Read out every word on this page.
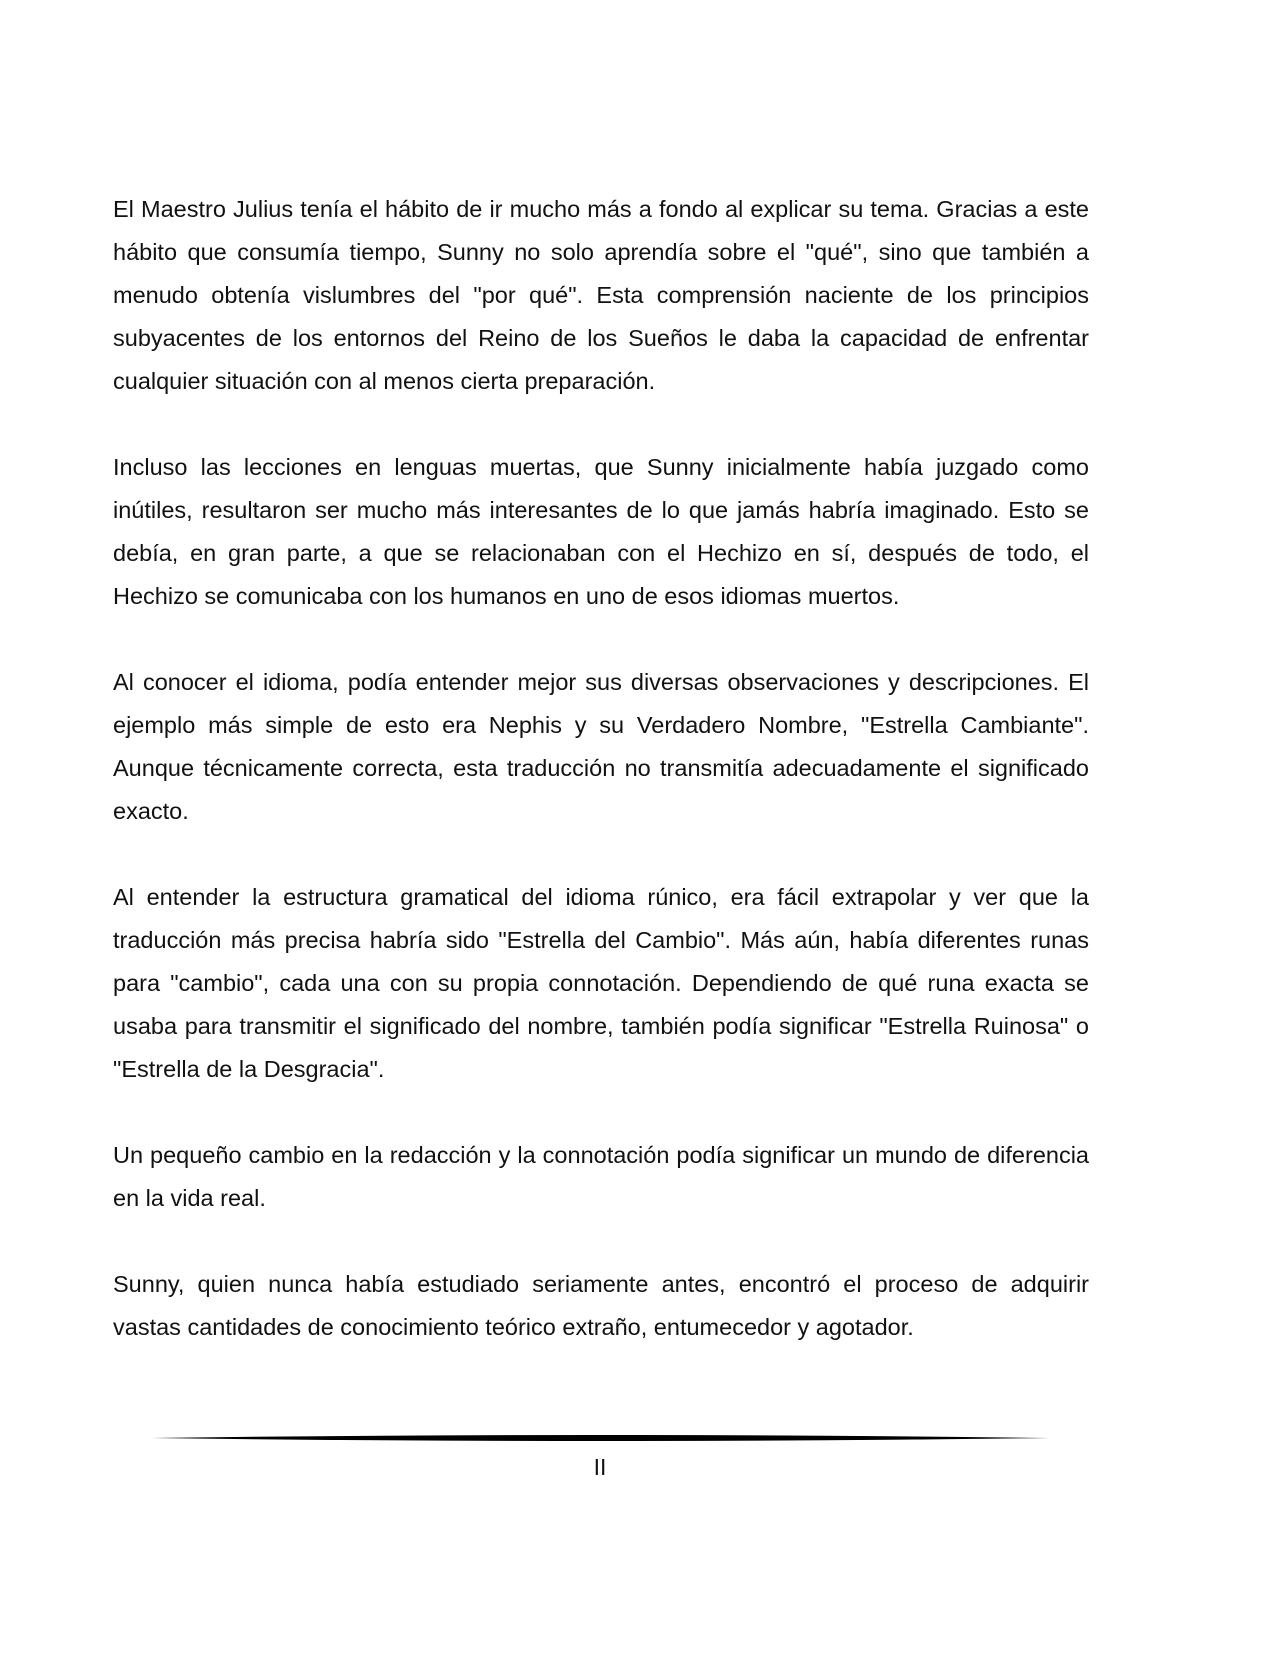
El Maestro Julius tenía el hábito de ir mucho más a fondo al explicar su tema. Gracias a este hábito que consumía tiempo, Sunny no solo aprendía sobre el "qué", sino que también a menudo obtenía vislumbres del "por qué". Esta comprensión naciente de los principios subyacentes de los entornos del Reino de los Sueños le daba la capacidad de enfrentar cualquier situación con al menos cierta preparación.

Incluso las lecciones en lenguas muertas, que Sunny inicialmente había juzgado como inútiles, resultaron ser mucho más interesantes de lo que jamás habría imaginado. Esto se debía, en gran parte, a que se relacionaban con el Hechizo en sí, después de todo, el Hechizo se comunicaba con los humanos en uno de esos idiomas muertos.

Al conocer el idioma, podía entender mejor sus diversas observaciones y descripciones. El ejemplo más simple de esto era Nephis y su Verdadero Nombre, "Estrella Cambiante". Aunque técnicamente correcta, esta traducción no transmitía adecuadamente el significado exacto.

Al entender la estructura gramatical del idioma rúnico, era fácil extrapolar y ver que la traducción más precisa habría sido "Estrella del Cambio". Más aún, había diferentes runas para "cambio", cada una con su propia connotación. Dependiendo de qué runa exacta se usaba para transmitir el significado del nombre, también podía significar "Estrella Ruinosa" o "Estrella de la Desgracia".

Un pequeño cambio en la redacción y la connotación podía significar un mundo de diferencia en la vida real.

Sunny, quien nunca había estudiado seriamente antes, encontró el proceso de adquirir vastas cantidades de conocimiento teórico extraño, entumecedor y agotador.

II
